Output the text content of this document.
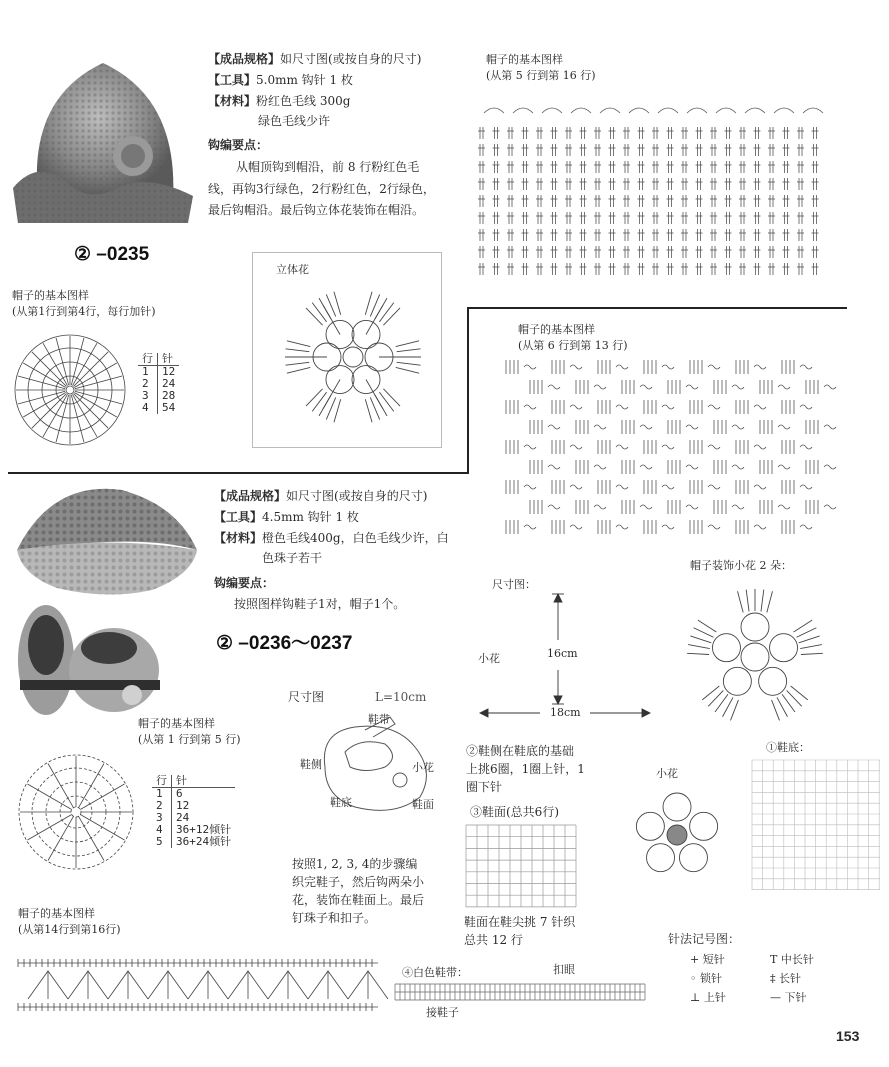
【成品规格】如尺寸图(或按自身的尺寸)
【工具】5.0mm 钩针 1 枚
【材料】粉红色毛线 300g
绿色毛线少许
钩编要点：
从帽顶钩到帽沿，前 8 行粉红色毛
线，再钩3行绿色，2行粉红色，2行绿色，
最后钩帽沿。最后钩立体花装饰在帽沿。
② –0235
帽子的基本图样
(从第1行到第4行，每行加针)
行	针
1	12
2	24
3	28
4	54
立体花
帽子的基本图样
(从第 5 行到第 16 行)
帽子的基本图样
(从第 6 行到第 13 行)
【成品规格】如尺寸图(或按自身的尺寸)
【工具】4.5mm 钩针 1 枚
【材料】橙色毛线400g，白色毛线少许，白
色珠子若干
钩编要点：
按照图样钩鞋子1对，帽子1个。
② –0236～0237
尺寸图：
小花	16cm
18cm
帽子装饰小花 2 朵：
尺寸图	L=10cm
鞋带
鞋侧	小花
鞋底	鞋面
帽子的基本图样
(从第 1 行到第 5 行)
行	针
1	6
2	12
3	24
4	36+12倾针
5	36+24倾针
按照1, 2, 3, 4的步骤编
织完鞋子，然后钩两朵小
花，装饰在鞋面上。最后
钉珠子和扣子。
②鞋侧在鞋底的基础
上挑6圈，1圈上针，1
圈下针
③鞋面(总共6行)
鞋面在鞋尖挑 7 针织
总共 12 行
小花
①鞋底：
帽子的基本图样
(从第14行到第16行)
④白色鞋带：	扣眼
接鞋子
针法记号图：
+ 短针	T 中长针
◦ 锁针	‡ 长针
⊥ 上针	— 下针
153
